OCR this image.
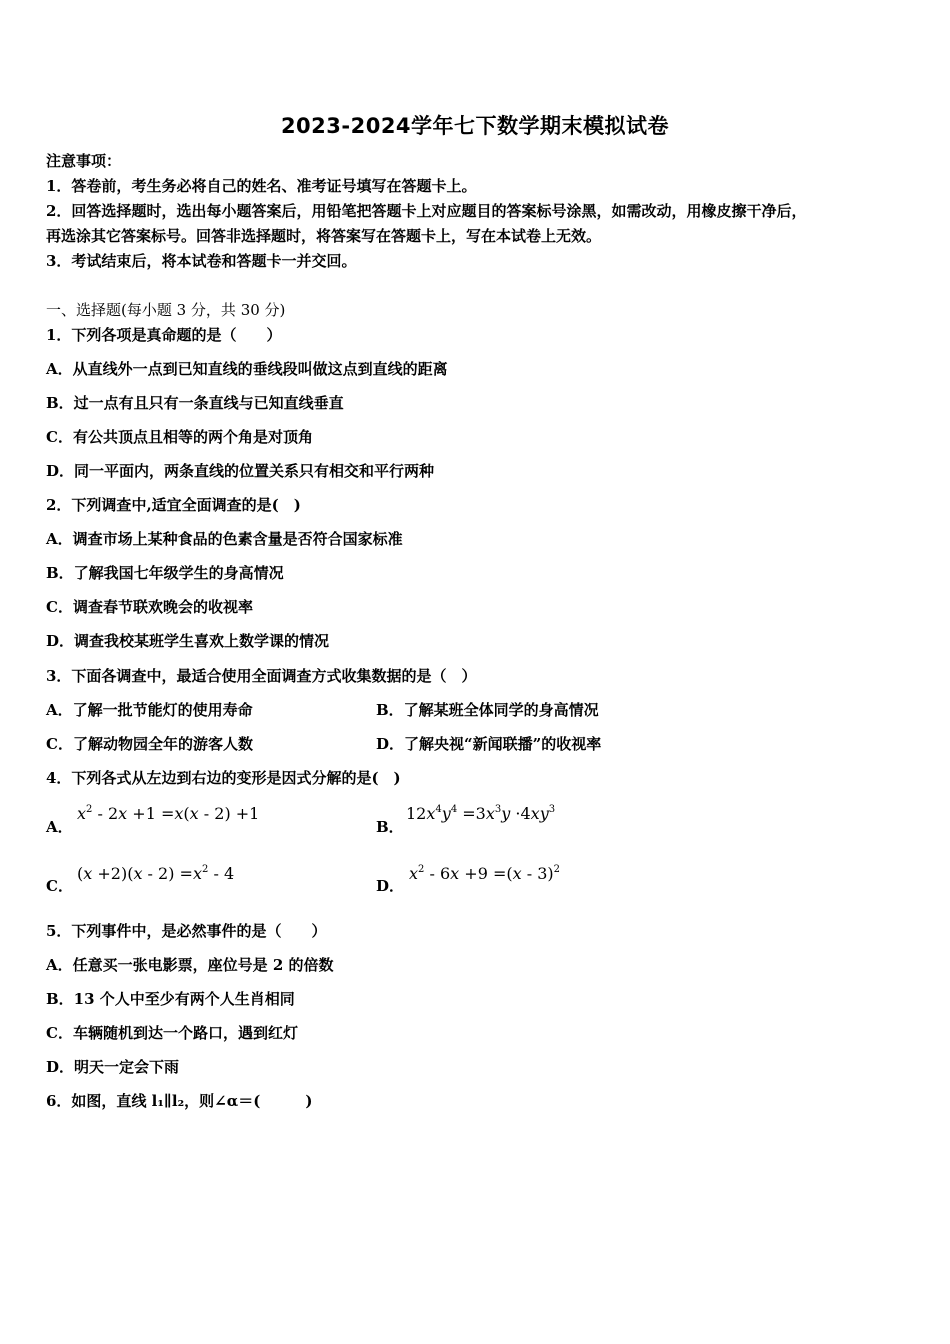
2023-2024学年七下数学期末模拟试卷
注意事项：
1．答卷前，考生务必将自己的姓名、准考证号填写在答题卡上。
2．回答选择题时，选出每小题答案后，用铅笔把答题卡上对应题目的答案标号涂黑，如需改动，用橡皮擦干净后，
再选涂其它答案标号。回答非选择题时，将答案写在答题卡上，写在本试卷上无效。
3．考试结束后，将本试卷和答题卡一并交回。
一、选择题(每小题 3 分，共 30 分)
1．下列各项是真命题的是（　　）
A．从直线外一点到已知直线的垂线段叫做这点到直线的距离
B．过一点有且只有一条直线与已知直线垂直
C．有公共顶点且相等的两个角是对顶角
D．同一平面内，两条直线的位置关系只有相交和平行两种
2．下列调查中,适宜全面调查的是(　)
A．调查市场上某种食品的色素含量是否符合国家标准
B．了解我国七年级学生的身高情况
C．调查春节联欢晚会的收视率
D．调查我校某班学生喜欢上数学课的情况
3．下面各调查中，最适合使用全面调查方式收集数据的是（　）
A．了解一批节能灯的使用寿命	B．了解某班全体同学的身高情况
C．了解动物园全年的游客人数	D．了解央视“新闻联播”的收视率
4．下列各式从左边到右边的变形是因式分解的是(　)
A．
$x^2 - 2x +1 =x(x - 2) +1$
B．
$12x^4y^4 =3x^3y \cdot 4xy^3$
C．
$(x +2)(x - 2) =x^2 - 4$
D．
$x^2 - 6x +9 =(x - 3)^2$
5．下列事件中，是必然事件的是（　　）
A．任意买一张电影票，座位号是 2 的倍数
B．13 个人中至少有两个人生肖相同
C．车辆随机到达一个路口，遇到红灯
D．明天一定会下雨
6．如图，直线 l₁∥l₂，则∠α＝(　　　)
